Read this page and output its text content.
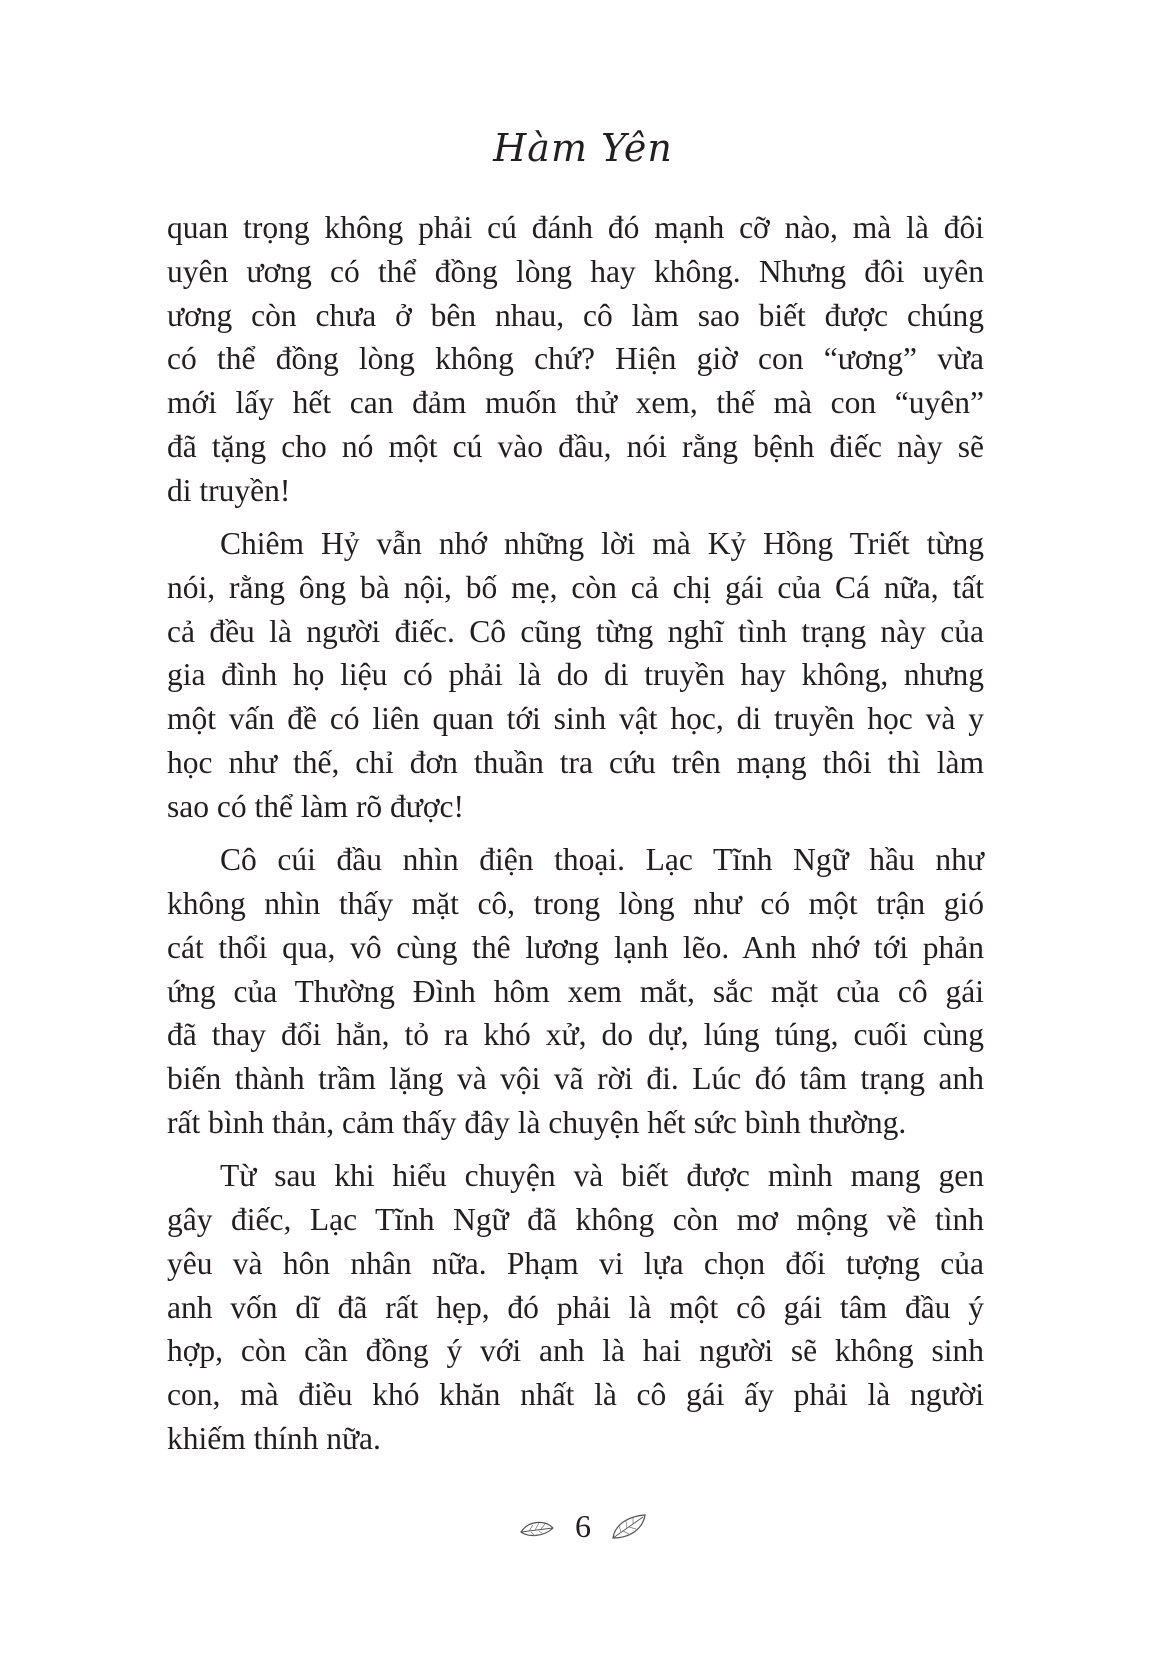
Hàm Yên
quan trọng không phải cú đánh đó mạnh cỡ nào, mà là đôi
uyên ương có thể đồng lòng hay không. Nhưng đôi uyên
ương còn chưa ở bên nhau, cô làm sao biết được chúng
có thể đồng lòng không chứ? Hiện giờ con “ương” vừa
mới lấy hết can đảm muốn thử xem, thế mà con “uyên”
đã tặng cho nó một cú vào đầu, nói rằng bệnh điếc này sẽ
di truyền!
Chiêm Hỷ vẫn nhớ những lời mà Kỷ Hồng Triết từng
nói, rằng ông bà nội, bố mẹ, còn cả chị gái của Cá nữa, tất
cả đều là người điếc. Cô cũng từng nghĩ tình trạng này của
gia đình họ liệu có phải là do di truyền hay không, nhưng
một vấn đề có liên quan tới sinh vật học, di truyền học và y
học như thế, chỉ đơn thuần tra cứu trên mạng thôi thì làm
sao có thể làm rõ được!
Cô cúi đầu nhìn điện thoại. Lạc Tĩnh Ngữ hầu như
không nhìn thấy mặt cô, trong lòng như có một trận gió
cát thổi qua, vô cùng thê lương lạnh lẽo. Anh nhớ tới phản
ứng của Thường Đình hôm xem mắt, sắc mặt của cô gái
đã thay đổi hẳn, tỏ ra khó xử, do dự, lúng túng, cuối cùng
biến thành trầm lặng và vội vã rời đi. Lúc đó tâm trạng anh
rất bình thản, cảm thấy đây là chuyện hết sức bình thường.
Từ sau khi hiểu chuyện và biết được mình mang gen
gây điếc, Lạc Tĩnh Ngữ đã không còn mơ mộng về tình
yêu và hôn nhân nữa. Phạm vi lựa chọn đối tượng của
anh vốn dĩ đã rất hẹp, đó phải là một cô gái tâm đầu ý
hợp, còn cần đồng ý với anh là hai người sẽ không sinh
con, mà điều khó khăn nhất là cô gái ấy phải là người
khiếm thính nữa.
6
